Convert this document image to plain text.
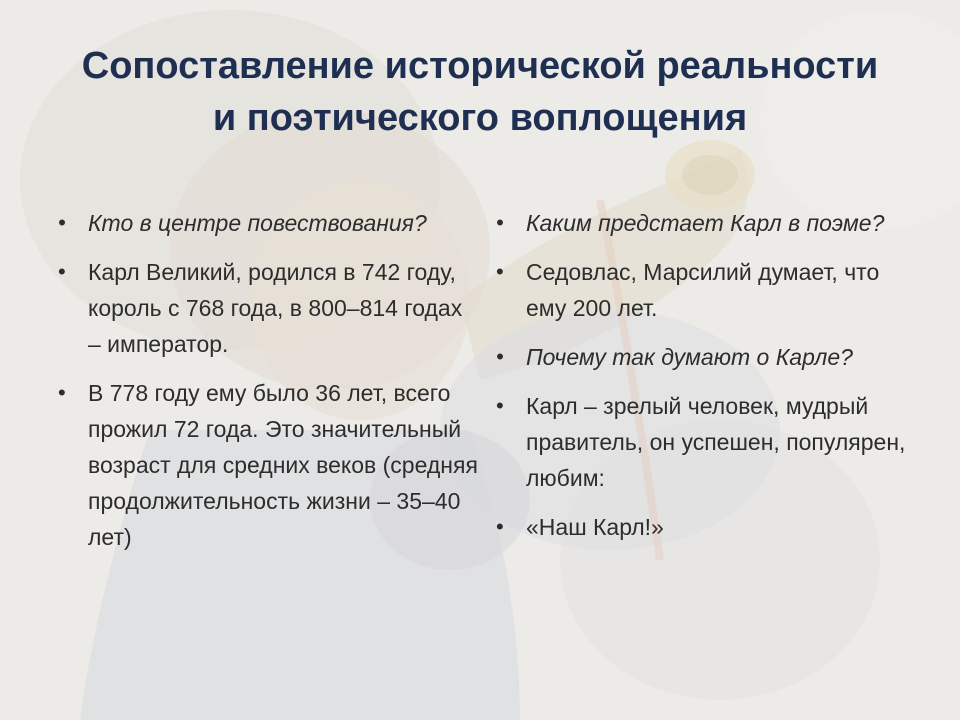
Сопоставление исторической реальности
и поэтического воплощения
• Кто в центре повествования?
• Карл Великий, родился в 742 году, король с 768 года, в 800–814 годах – император.
• В 778 году ему было 36 лет, всего прожил 72 года. Это значительный возраст для средних веков (средняя продолжительность жизни – 35–40 лет)
• Каким предстает Карл в поэме?
• Седовлас, Марсилий думает, что ему 200 лет.
• Почему так думают о Карле?
• Карл – зрелый человек, мудрый правитель, он успешен, популярен, любим:
• «Наш Карл!»
